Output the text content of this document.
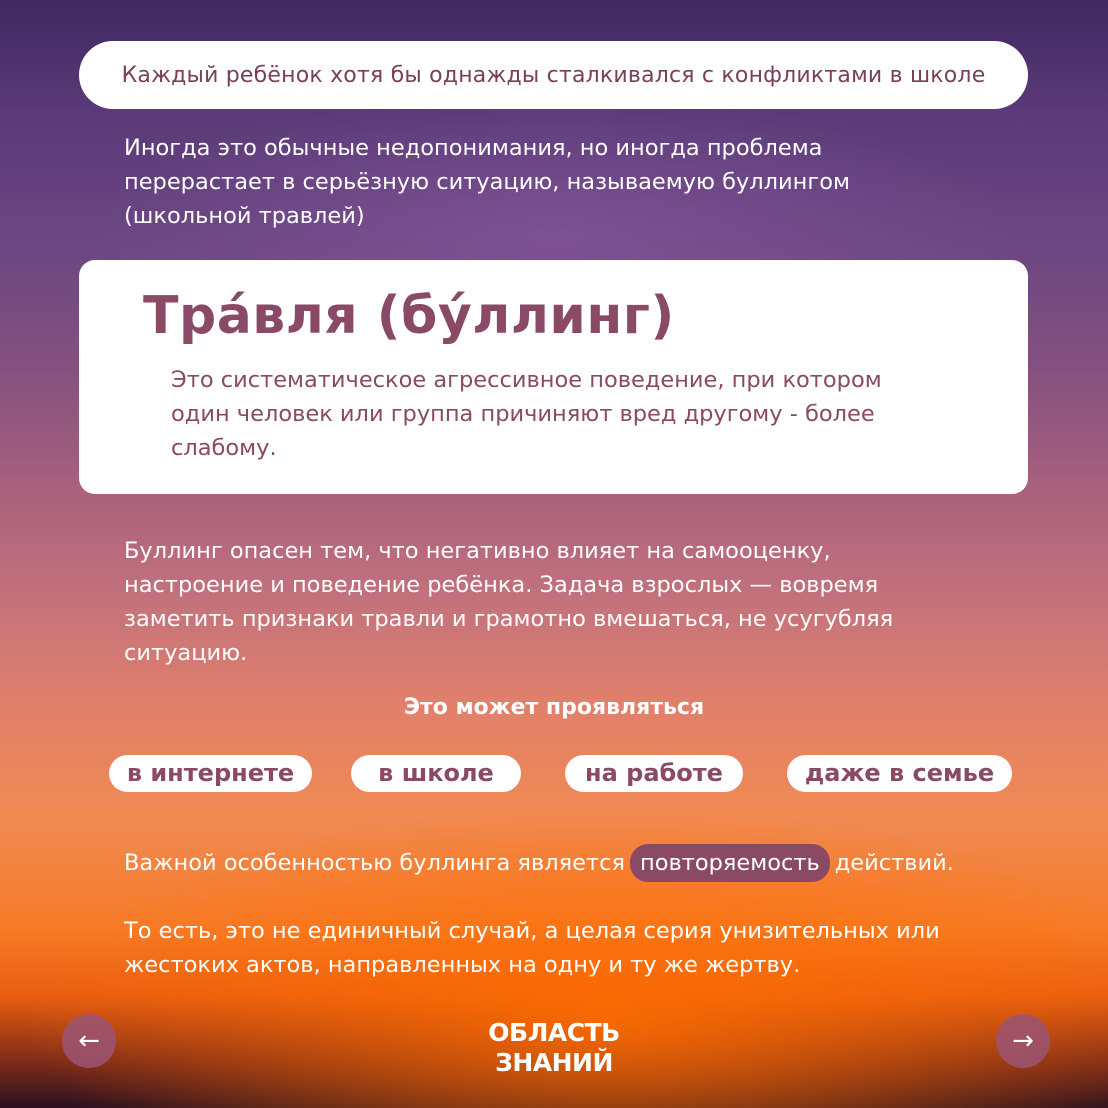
Каждый ребёнок хотя бы однажды сталкивался с конфликтами в школе

Иногда это обычные недопонимания, но иногда проблема
перерастает в серьёзную ситуацию, называемую буллингом
(школьной травлей)

Тра́вля (бу́ллинг)

Это систематическое агрессивное поведение, при котором
один человек или группа причиняют вред другому - более
слабому.

Буллинг опасен тем, что негативно влияет на самооценку,
настроение и поведение ребёнка. Задача взрослых — вовремя
заметить признаки травли и грамотно вмешаться, не усугубляя
ситуацию.

Это может проявляться
в интернете	в школе	на работе	даже в семье
Важной особенностью буллинга является повторяемость действий.

То есть, это не единичный случай, а целая серия унизительных или
жестоких актов, направленных на одну и ту же жертву.

←	ОБЛАСТЬ
ЗНАНИЙ
→
